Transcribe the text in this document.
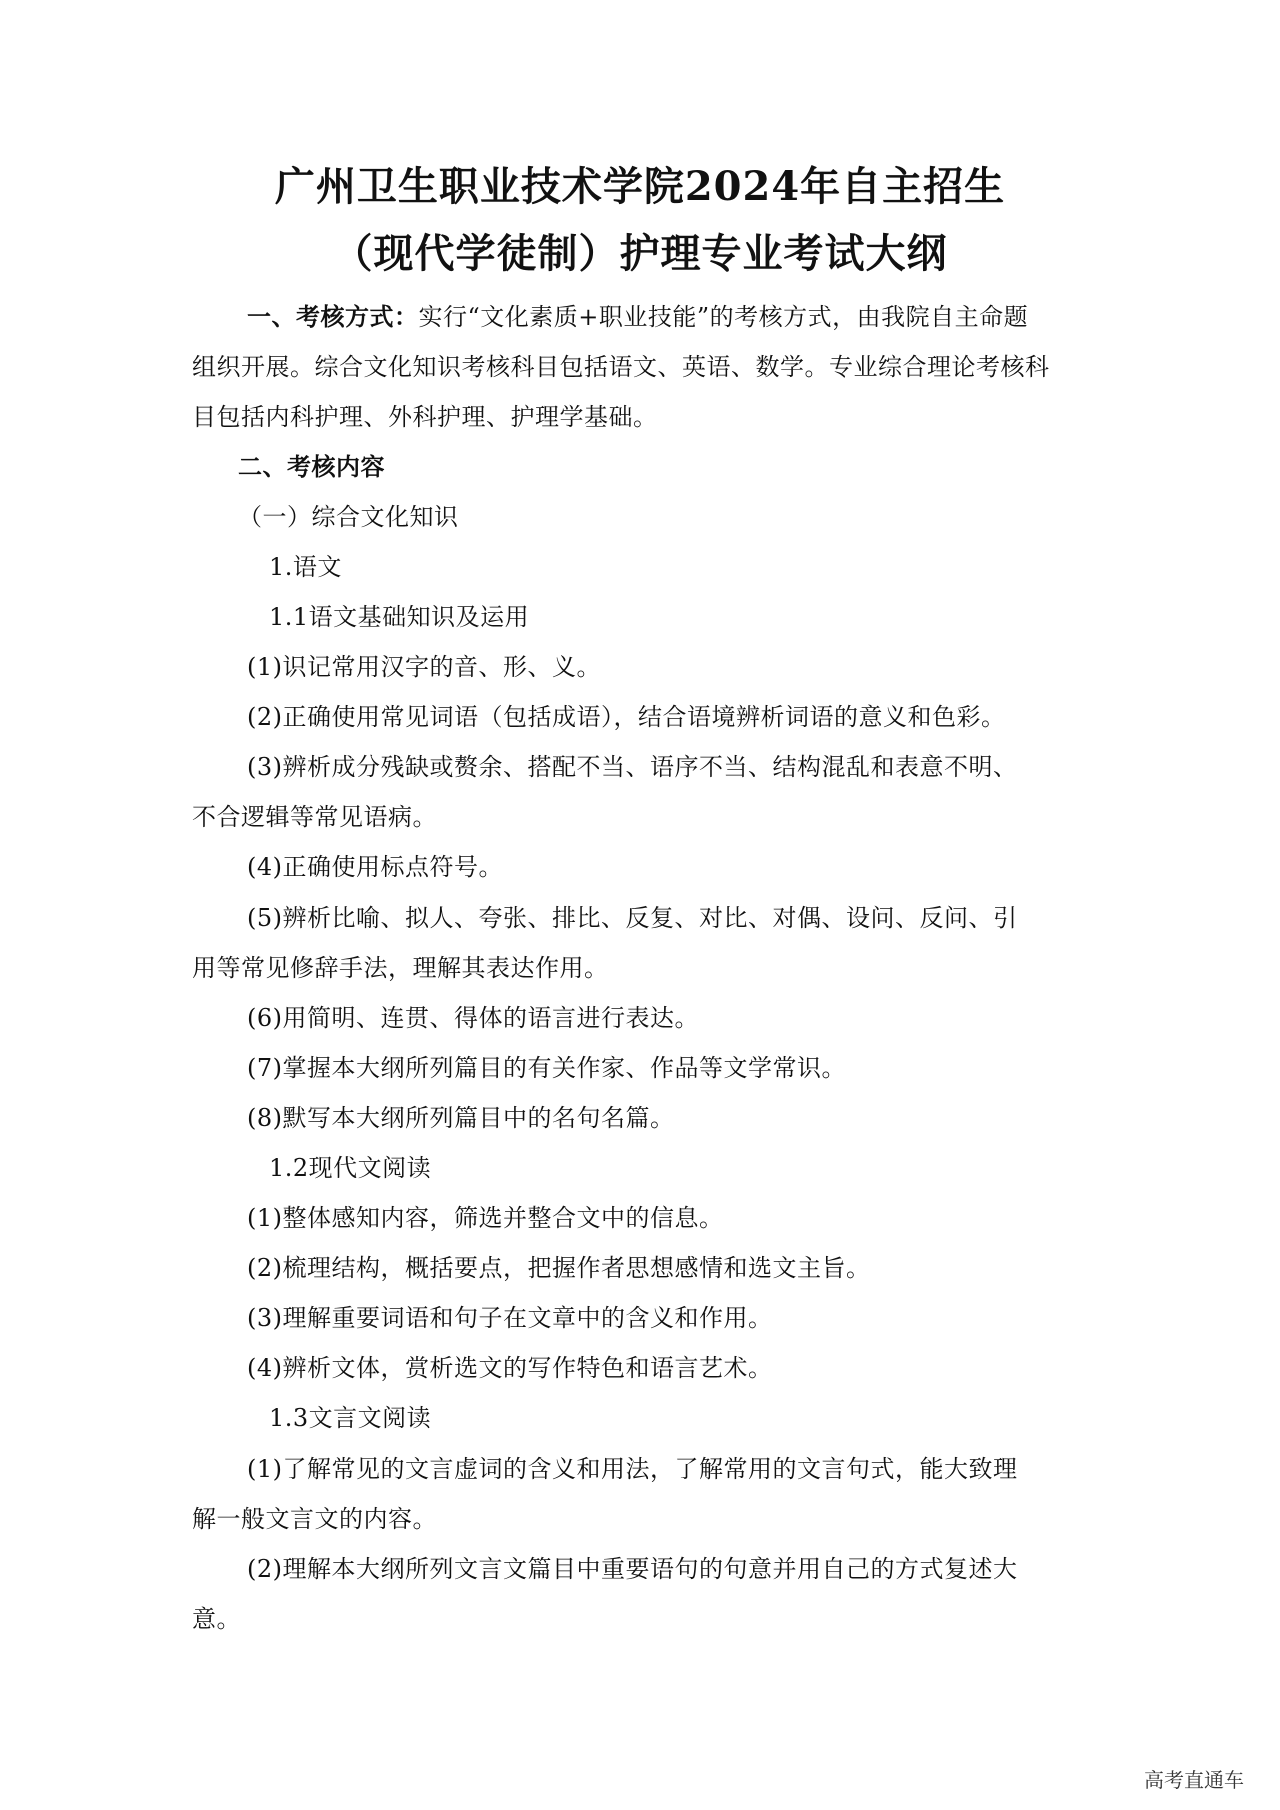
广州卫生职业技术学院2024年自主招生
（现代学徒制）护理专业考试大纲
一、考核方式：实行“文化素质+职业技能”的考核方式，由我院自主命题
组织开展。综合文化知识考核科目包括语文、英语、数学。专业综合理论考核科
目包括内科护理、外科护理、护理学基础。
二、考核内容
（一）综合文化知识
1.语文
1.1语文基础知识及运用
(1)识记常用汉字的音、形、义。
(2)正确使用常见词语（包括成语），结合语境辨析词语的意义和色彩。
(3)辨析成分残缺或赘余、搭配不当、语序不当、结构混乱和表意不明、
不合逻辑等常见语病。
(4)正确使用标点符号。
(5)辨析比喻、拟人、夸张、排比、反复、对比、对偶、设问、反问、引
用等常见修辞手法，理解其表达作用。
(6)用简明、连贯、得体的语言进行表达。
(7)掌握本大纲所列篇目的有关作家、作品等文学常识。
(8)默写本大纲所列篇目中的名句名篇。
1.2现代文阅读
(1)整体感知内容，筛选并整合文中的信息。
(2)梳理结构，概括要点，把握作者思想感情和选文主旨。
(3)理解重要词语和句子在文章中的含义和作用。
(4)辨析文体，赏析选文的写作特色和语言艺术。
1.3文言文阅读
(1)了解常见的文言虚词的含义和用法，了解常用的文言句式，能大致理
解一般文言文的内容。
(2)理解本大纲所列文言文篇目中重要语句的句意并用自己的方式复述大
意。
高考直通车
